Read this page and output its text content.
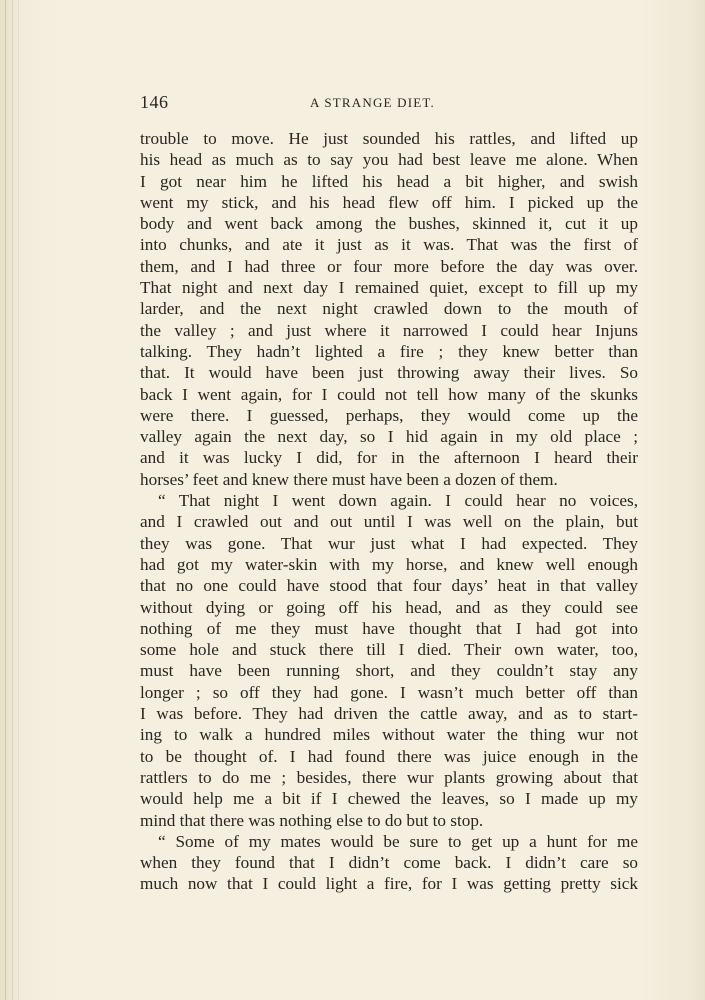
146	A STRANGE DIET.
trouble to move. He just sounded his rattles, and lifted up
his head as much as to say you had best leave me alone. When
I got near him he lifted his head a bit higher, and swish
went my stick, and his head flew off him. I picked up the
body and went back among the bushes, skinned it, cut it up
into chunks, and ate it just as it was. That was the first of
them, and I had three or four more before the day was over.
That night and next day I remained quiet, except to fill up my
larder, and the next night crawled down to the mouth of
the valley ; and just where it narrowed I could hear Injuns
talking. They hadn’t lighted a fire ; they knew better than
that. It would have been just throwing away their lives. So
back I went again, for I could not tell how many of the skunks
were there. I guessed, perhaps, they would come up the
valley again the next day, so I hid again in my old place ;
and it was lucky I did, for in the afternoon I heard their
horses’ feet and knew there must have been a dozen of them.
“ That night I went down again. I could hear no voices,
and I crawled out and out until I was well on the plain, but
they was gone. That wur just what I had expected. They
had got my water-skin with my horse, and knew well enough
that no one could have stood that four days’ heat in that valley
without dying or going off his head, and as they could see
nothing of me they must have thought that I had got into
some hole and stuck there till I died. Their own water, too,
must have been running short, and they couldn’t stay any
longer ; so off they had gone. I wasn’t much better off than
I was before. They had driven the cattle away, and as to start-
ing to walk a hundred miles without water the thing wur not
to be thought of. I had found there was juice enough in the
rattlers to do me ; besides, there wur plants growing about that
would help me a bit if I chewed the leaves, so I made up my
mind that there was nothing else to do but to stop.
“ Some of my mates would be sure to get up a hunt for me
when they found that I didn’t come back. I didn’t care so
much now that I could light a fire, for I was getting pretty sick
